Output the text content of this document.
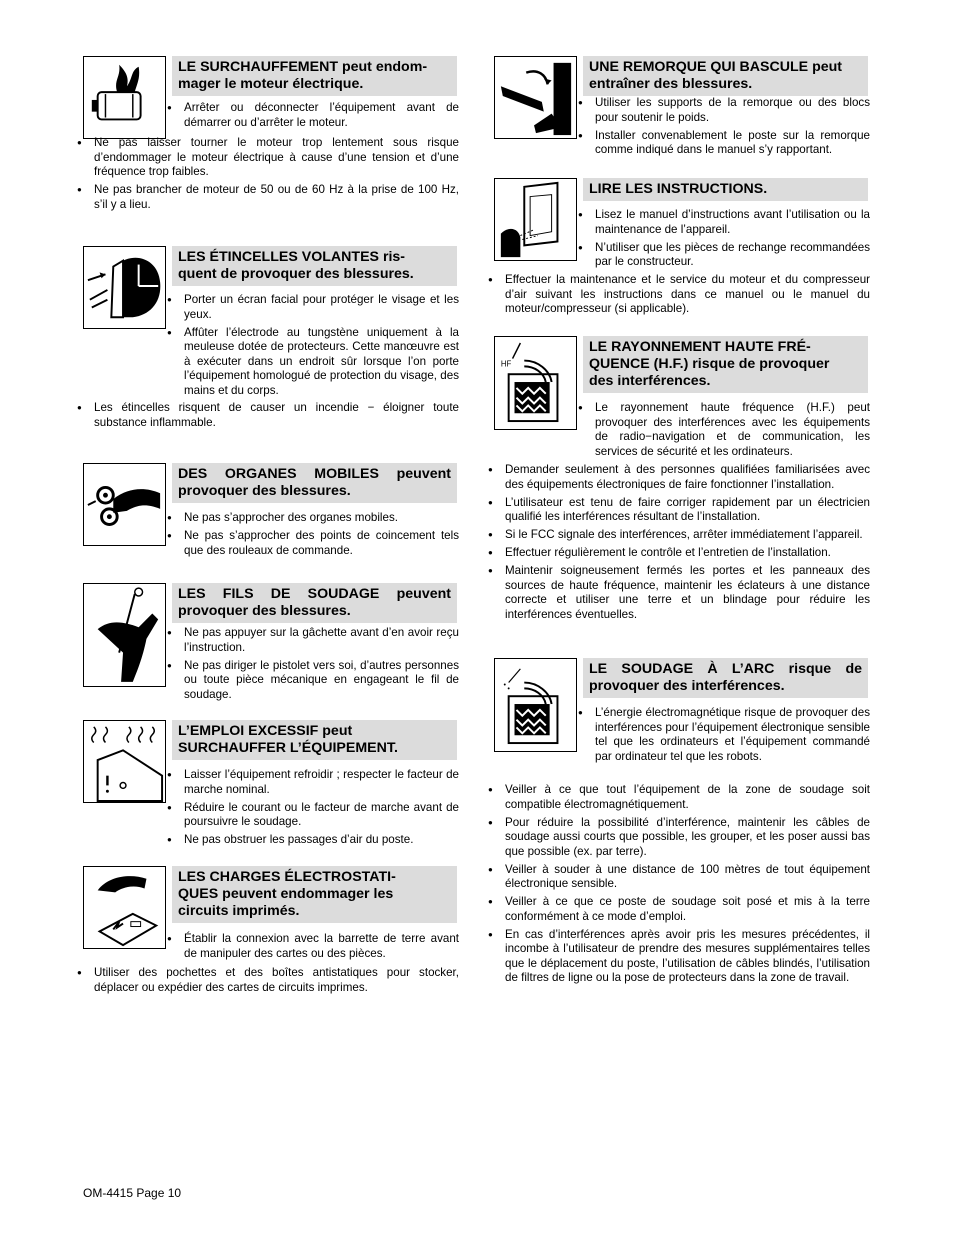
LE SURCHAUFFEMENT peut endom-
mager le moteur électrique.
● Arrêter ou déconnecter l’équipement avant de démarrer ou d’arrêter le moteur.
● Ne pas laisser tourner le moteur trop lentement sous risque d’endommager le moteur électrique à cause d’une tension et d’une fréquence trop faibles.
● Ne pas brancher de moteur de 50 ou de 60 Hz à la prise de 100 Hz, s’il y a lieu.
LES ÉTINCELLES VOLANTES ris-
quent de provoquer des blessures.
● Porter un écran facial pour protéger le visage et les yeux.
● Affûter l’électrode au tungstène uniquement à la meuleuse dotée de protecteurs. Cette manœuvre est à exécuter dans un endroit sûr lorsque l’on porte l’équipement homologué de protection du visage, des mains et du corps.
● Les étincelles risquent de causer un incendie − éloigner toute substance inflammable.
DES ORGANES MOBILES peuvent provoquer des blessures.
● Ne pas s’approcher des organes mobiles.
● Ne pas s’approcher des points de coincement tels que des rouleaux de commande.
LES FILS DE SOUDAGE peuvent provoquer des blessures.
● Ne pas appuyer sur la gâchette avant d’en avoir reçu l’instruction.
● Ne pas diriger le pistolet vers soi, d’autres personnes ou toute pièce mécanique en engageant le fil de soudage.
L’EMPLOI EXCESSIF peut
SURCHAUFFER L’ÉQUIPEMENT.
● Laisser l’équipement refroidir ; respecter le facteur de marche nominal.
● Réduire le courant ou le facteur de marche avant de poursuivre le soudage.
● Ne pas obstruer les passages d’air du poste.
LES CHARGES ÉLECTROSTATI-
QUES peuvent endommager les
circuits imprimés.
● Établir la connexion avec la barrette de terre avant de manipuler des cartes ou des pièces.
● Utiliser des pochettes et des boîtes antistatiques pour stocker, déplacer ou expédier des cartes de circuits imprimes.
UNE REMORQUE QUI BASCULE peut
entraîner des blessures.
● Utiliser les supports de la remorque ou des blocs pour soutenir le poids.
● Installer convenablement le poste sur la remorque comme indiqué dans le manuel s’y rapportant.
LIRE LES INSTRUCTIONS.
● Lisez le manuel d’instructions avant l’utilisation ou la maintenance de l’appareil.
● N’utiliser que les pièces de rechange recommandées par le constructeur.
● Effectuer la maintenance et le service du moteur et du compresseur d’air suivant les instructions dans ce manuel ou le manuel du moteur/compresseur (si applicable).
HF
LE RAYONNEMENT HAUTE FRÉ-
QUENCE (H.F.) risque de provoquer
des interférences.
● Le rayonnement haute fréquence (H.F.) peut provoquer des interférences avec les équipements de radio−navigation et de communication, les services de sécurité et les ordinateurs.
● Demander seulement à des personnes qualifiées familiarisées avec des équipements électroniques de faire fonctionner l’installation.
● L’utilisateur est tenu de faire corriger rapidement par un électricien qualifié les interférences résultant de l’installation.
● Si le FCC signale des interférences, arrêter immédiatement l’appareil.
● Effectuer régulièrement le contrôle et l’entretien de l’installation.
● Maintenir soigneusement fermés les portes et les panneaux des sources de haute fréquence, maintenir les éclateurs à une distance correcte et utiliser une terre et un blindage pour réduire les interférences éventuelles.
LE SOUDAGE À L’ARC risque de provoquer des interférences.
● L’énergie électromagnétique risque de provoquer des interférences pour l’équipement électronique sensible tel que les ordinateurs et l’équipement commandé par ordinateur tel que les robots.
● Veiller à ce que tout l’équipement de la zone de soudage soit compatible électromagnétiquement.
● Pour réduire la possibilité d’interférence, maintenir les câbles de soudage aussi courts que possible, les grouper, et les poser aussi bas que possible (ex. par terre).
● Veiller à souder à une distance de 100 mètres de tout équipement électronique sensible.
● Veiller à ce que ce poste de soudage soit posé et mis à la terre conformément à ce mode d’emploi.
● En cas d’interférences après avoir pris les mesures précédentes, il incombe à l’utilisateur de prendre des mesures supplémentaires telles que le déplacement du poste, l’utilisation de câbles blindés, l’utilisation de filtres de ligne ou la pose de protecteurs dans la zone de travail.
OM-4415 Page 10
